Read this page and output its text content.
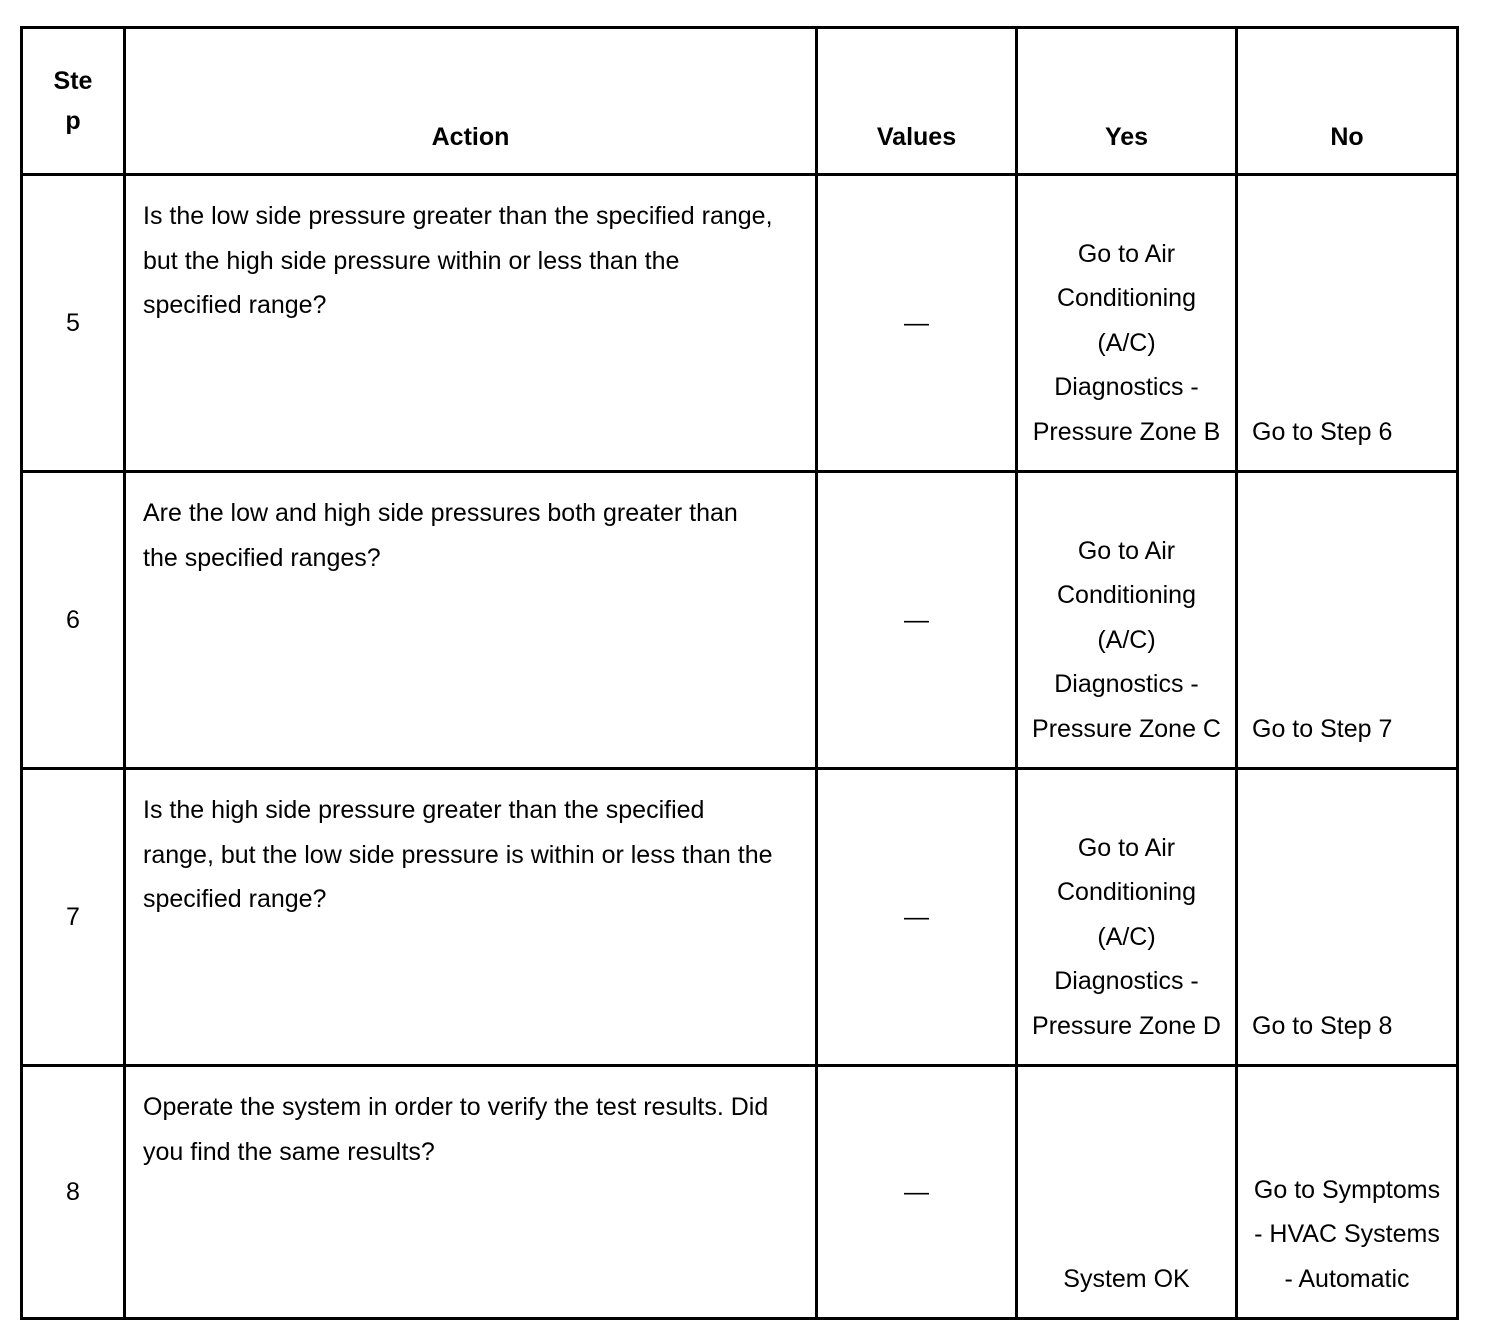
Step	Action	Values	Yes	No
5	Is the low side pressure greater than the specified range, but the high side pressure within or less than the specified range?	—	Go to Air Conditioning (A/C) Diagnostics - Pressure Zone B	Go to Step 6
6	Are the low and high side pressures both greater than the specified ranges?	—	Go to Air Conditioning (A/C) Diagnostics - Pressure Zone C	Go to Step 7
7	Is the high side pressure greater than the specified range, but the low side pressure is within or less than the specified range?	—	Go to Air Conditioning (A/C) Diagnostics - Pressure Zone D	Go to Step 8
8	Operate the system in order to verify the test results. Did you find the same results?	—	System OK	Go to Symptoms - HVAC Systems - Automatic
